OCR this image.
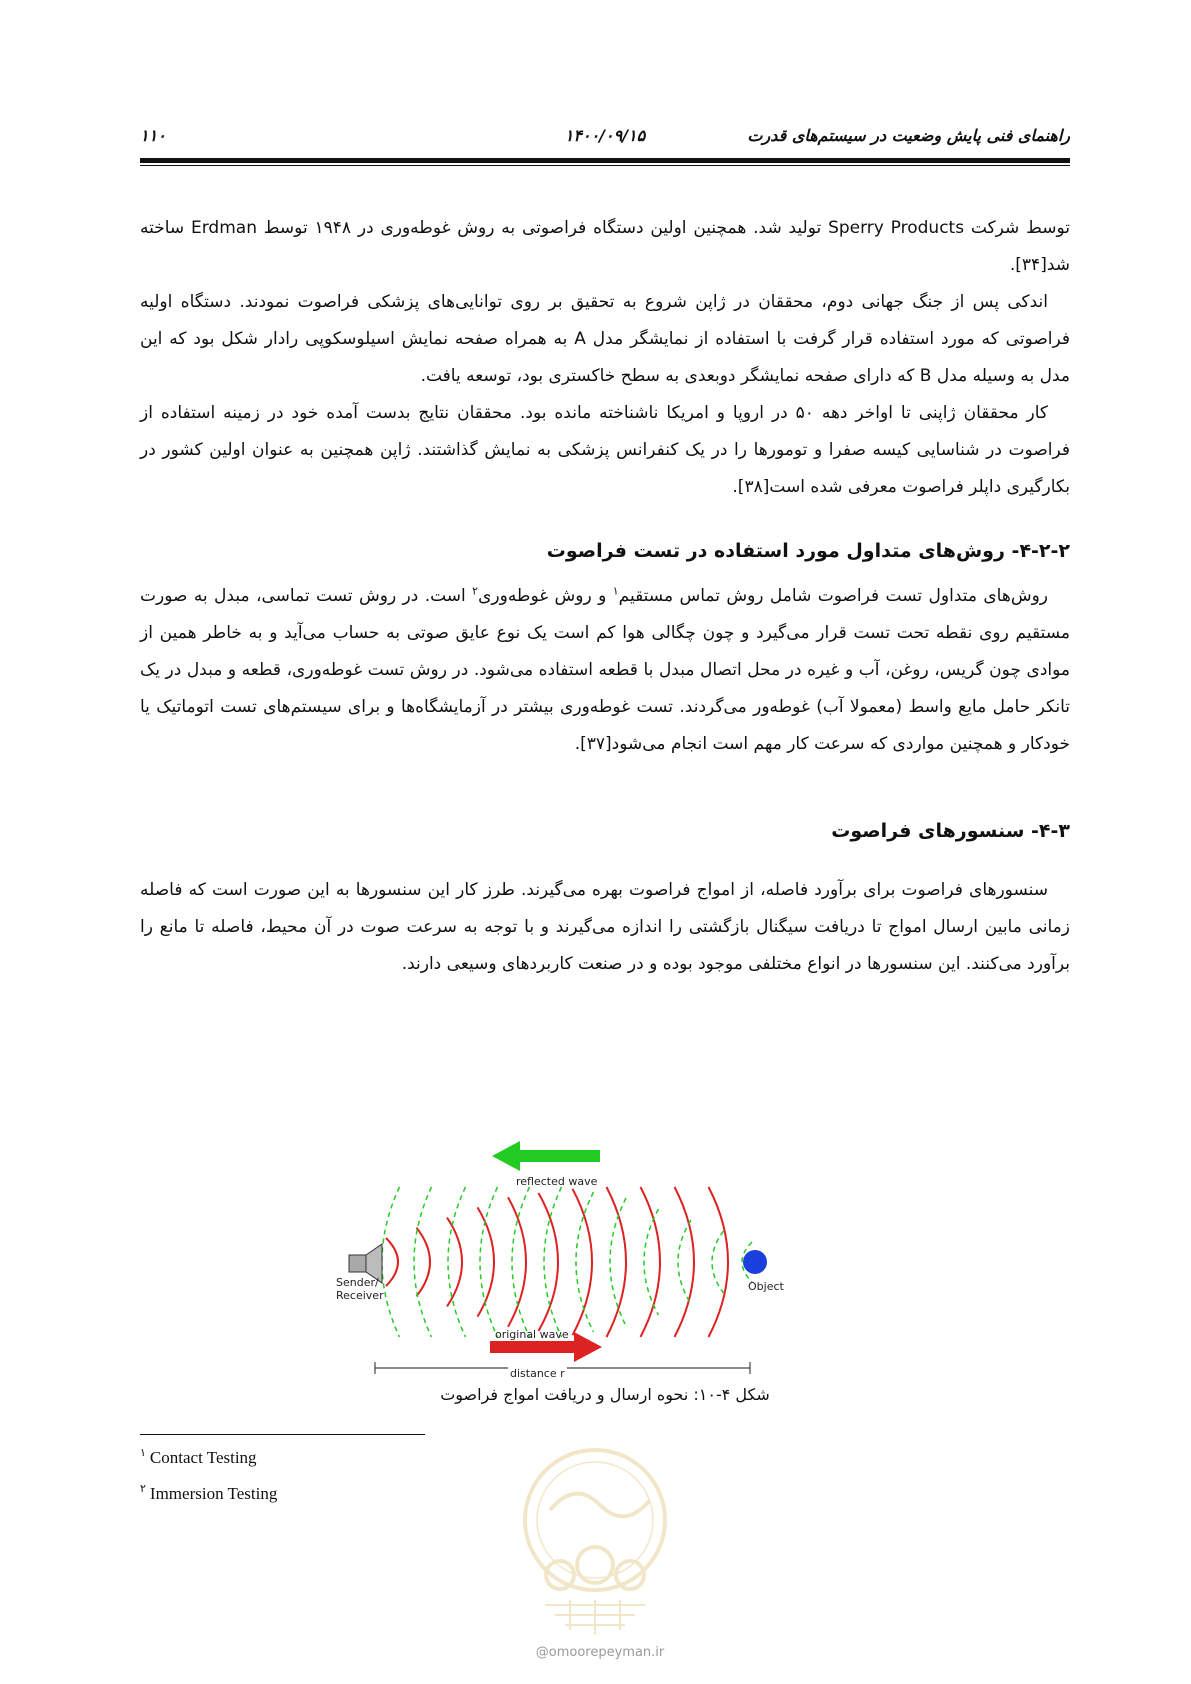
راهنمای فنی پایش وضعیت در سیستم‌های قدرت
۱۴۰۰/۰۹/۱۵
۱۱۰

توسط شرکت Sperry Products تولید شد. همچنین اولین دستگاه فراصوتی به روش غوطه‌وری در ۱۹۴۸ توسط Erdman ساخته شد[۳۴].

اندکی پس از جنگ جهانی دوم، محققان در ژاپن شروع به تحقیق بر روی توانایی‌های پزشکی فراصوت نمودند. دستگاه اولیه فراصوتی که مورد استفاده قرار گرفت با استفاده از نمایشگر مدل A به همراه صفحه نمایش اسیلوسکوپی رادار شکل بود که این مدل به وسیله مدل B که دارای صفحه نمایشگر دوبعدی به سطح خاکستری بود، توسعه یافت.

کار محققان ژاپنی تا اواخر دهه ۵۰ در اروپا و امریکا ناشناخته مانده بود. محققان نتایج بدست آمده خود در زمینه استفاده از فراصوت در شناسایی کیسه صفرا و تومورها را در یک کنفرانس پزشکی به نمایش گذاشتند. ژاپن همچنین به عنوان اولین کشور در بکارگیری داپلر فراصوت معرفی شده است[۳۸].

۴-۲-۲- روش‌های متداول مورد استفاده در تست فراصوت

روش‌های متداول تست فراصوت شامل روش تماس مستقیم$^۱$ و روش غوطه‌وری$^۲$ است. در روش تست تماسی، مبدل به صورت مستقیم روی نقطه تحت تست قرار می‌گیرد و چون چگالی هوا کم است یک نوع عایق صوتی به حساب می‌آید و به خاطر همین از موادی چون گریس، روغن، آب و غیره در محل اتصال مبدل با قطعه استفاده می‌شود. در روش تست غوطه‌وری، قطعه و مبدل در یک تانکر حامل مایع واسط (معمولا آب) غوطه‌ور می‌گردند. تست غوطه‌وری بیشتر در آزمایشگاه‌ها و برای سیستم‌های تست اتوماتیک یا خودکار و همچنین مواردی که سرعت کار مهم است انجام می‌شود[۳۷].

۴-۳- سنسورهای فراصوت

سنسورهای فراصوت برای برآورد فاصله، از امواج فراصوت بهره می‌گیرند. طرز کار این سنسورها به این صورت است که فاصله زمانی مابین ارسال امواج تا دریافت سیگنال بازگشتی را اندازه می‌گیرند و با توجه به سرعت صوت در آن محیط، فاصله تا مانع را برآورد می‌کنند. این سنسورها در انواع مختلفی موجود بوده و در صنعت کاربردهای وسیعی دارند.

reflected wave
Sender/
Receiver
Object
original wave
distance r
شکل ۴-۱۰: نحوه ارسال و دریافت امواج فراصوت
$^۱$ Contact Testing
$^۲$ Immersion Testing
@omoorepeyman.ir
